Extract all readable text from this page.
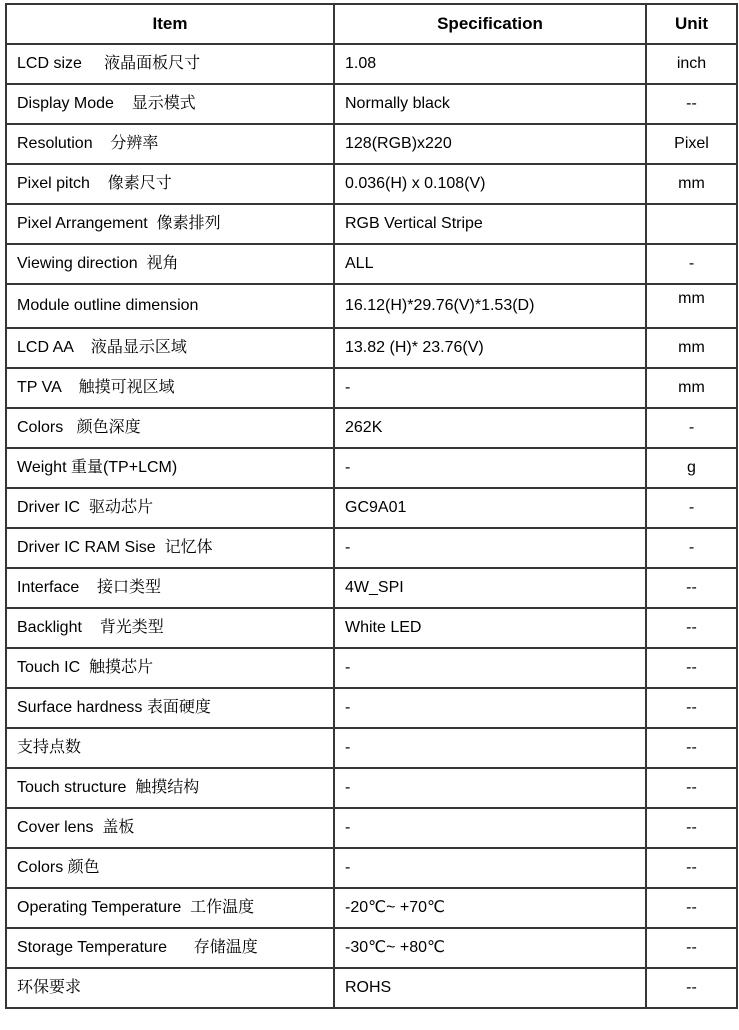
Item	Specification	Unit
LCD size     液晶面板尺寸	1.08	inch
Display Mode    显示模式	Normally black	--
Resolution    分辨率	128(RGB)x220	Pixel
Pixel pitch    像素尺寸	0.036(H) x 0.108(V)	mm
Pixel Arrangement  像素排列	RGB Vertical Stripe	
Viewing direction  视角	ALL	-
Module outline dimension	16.12(H)*29.76(V)*1.53(D)	mm
LCD AA    液晶显示区域	13.82 (H)* 23.76(V)	mm
TP VA    触摸可视区域	-	mm
Colors   颜色深度	262K	-
Weight 重量(TP+LCM)	-	g
Driver IC  驱动芯片	GC9A01	-
Driver IC RAM Sise  记忆体	-	-
Interface    接口类型	4W_SPI	--
Backlight    背光类型	White LED	--
Touch IC  触摸芯片	-	--
Surface hardness 表面硬度	-	--
支持点数	-	--
Touch structure  触摸结构	-	--
Cover lens  盖板	-	--
Colors 颜色	-	--
Operating Temperature  工作温度	-20℃~ +70℃	--
Storage Temperature      存储温度	-30℃~ +80℃	--
环保要求	ROHS	--
